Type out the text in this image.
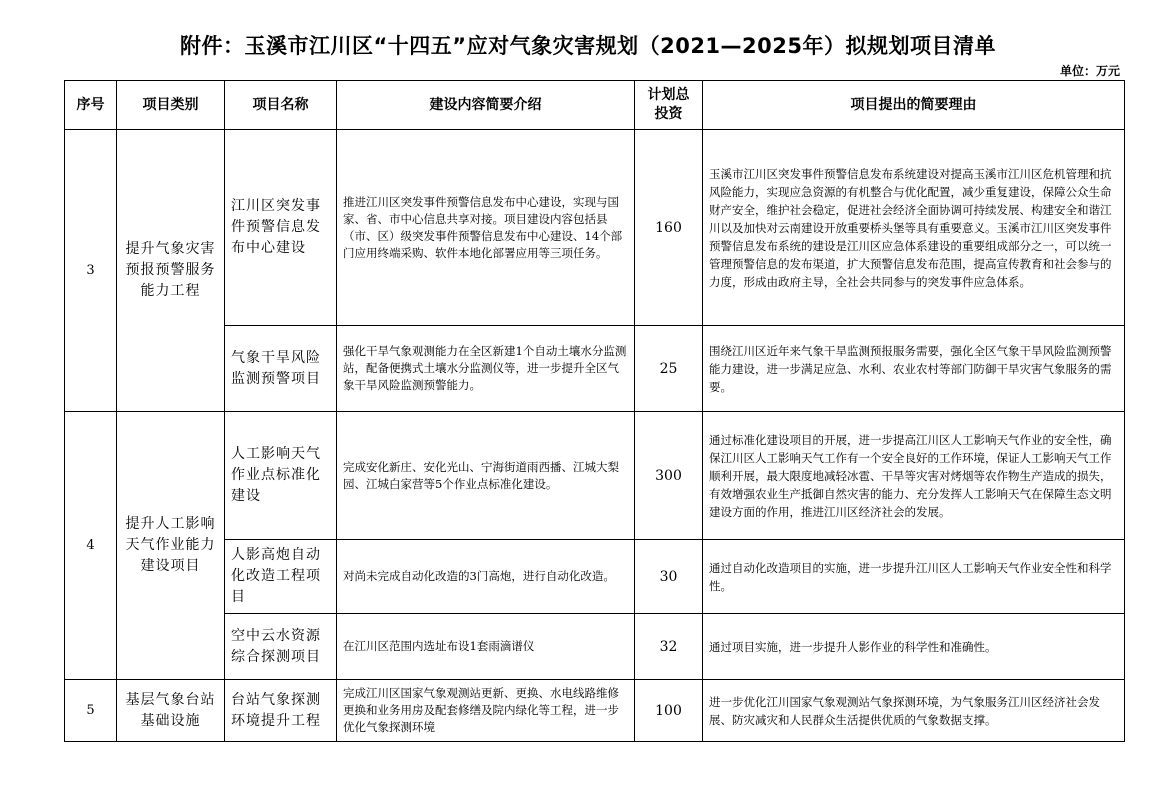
附件：玉溪市江川区“十四五”应对气象灾害规划（2021—2025年）拟规划项目清单
单位：万元
序号	项目类别	项目名称	建设内容简要介绍	计划总投资	项目提出的简要理由
3	提升气象灾害预报预警服务能力工程	江川区突发事件预警信息发布中心建设	推进江川区突发事件预警信息发布中心建设，实现与国家、省、市中心信息共享对接。项目建设内容包括县（市、区）级突发事件预警信息发布中心建设、14个部门应用终端采购、软件本地化部署应用等三项任务。	160	玉溪市江川区突发事件预警信息发布系统建设对提高玉溪市江川区危机管理和抗风险能力，实现应急资源的有机整合与优化配置，减少重复建设，保障公众生命财产安全，维护社会稳定，促进社会经济全面协调可持续发展、构建安全和谐江川以及加快对云南建设开放重要桥头堡等具有重要意义。玉溪市江川区突发事件预警信息发布系统的建设是江川区应急体系建设的重要组成部分之一，可以统一管理预警信息的发布渠道，扩大预警信息发布范围，提高宣传教育和社会参与的力度，形成由政府主导，全社会共同参与的突发事件应急体系。
		气象干旱风险监测预警项目	强化干旱气象观测能力在全区新建1个自动土壤水分监测站，配备便携式土壤水分监测仪等，进一步提升全区气象干旱风险监测预警能力。	25	围绕江川区近年来气象干旱监测预报服务需要，强化全区气象干旱风险监测预警能力建设，进一步满足应急、水利、农业农村等部门防御干旱灾害气象服务的需要。
4	提升人工影响天气作业能力建设项目	人工影响天气作业点标准化建设	完成安化新庄、安化光山、宁海街道雨西播、江城大梨园、江城白家营等5个作业点标准化建设。	300	通过标准化建设项目的开展，进一步提高江川区人工影响天气作业的安全性，确保江川区人工影响天气工作有一个安全良好的工作环境，保证人工影响天气工作顺利开展，最大限度地减轻冰雹、干旱等灾害对烤烟等农作物生产造成的损失，有效增强农业生产抵御自然灾害的能力、充分发挥人工影响天气在保障生态文明建设方面的作用，推进江川区经济社会的发展。
		人影高炮自动化改造工程项目	对尚未完成自动化改造的3门高炮，进行自动化改造。	30	通过自动化改造项目的实施，进一步提升江川区人工影响天气作业安全性和科学性。
		空中云水资源综合探测项目	在江川区范围内选址布设1套雨滴谱仪	32	通过项目实施，进一步提升人影作业的科学性和准确性。
5	基层气象台站基础设施	台站气象探测环境提升工程	完成江川区国家气象观测站更新、更换、水电线路维修更换和业务用房及配套修缮及院内绿化等工程，进一步优化气象探测环境	100	进一步优化江川国家气象观测站气象探测环境，为气象服务江川区经济社会发展、防灾减灾和人民群众生活提供优质的气象数据支撑。
